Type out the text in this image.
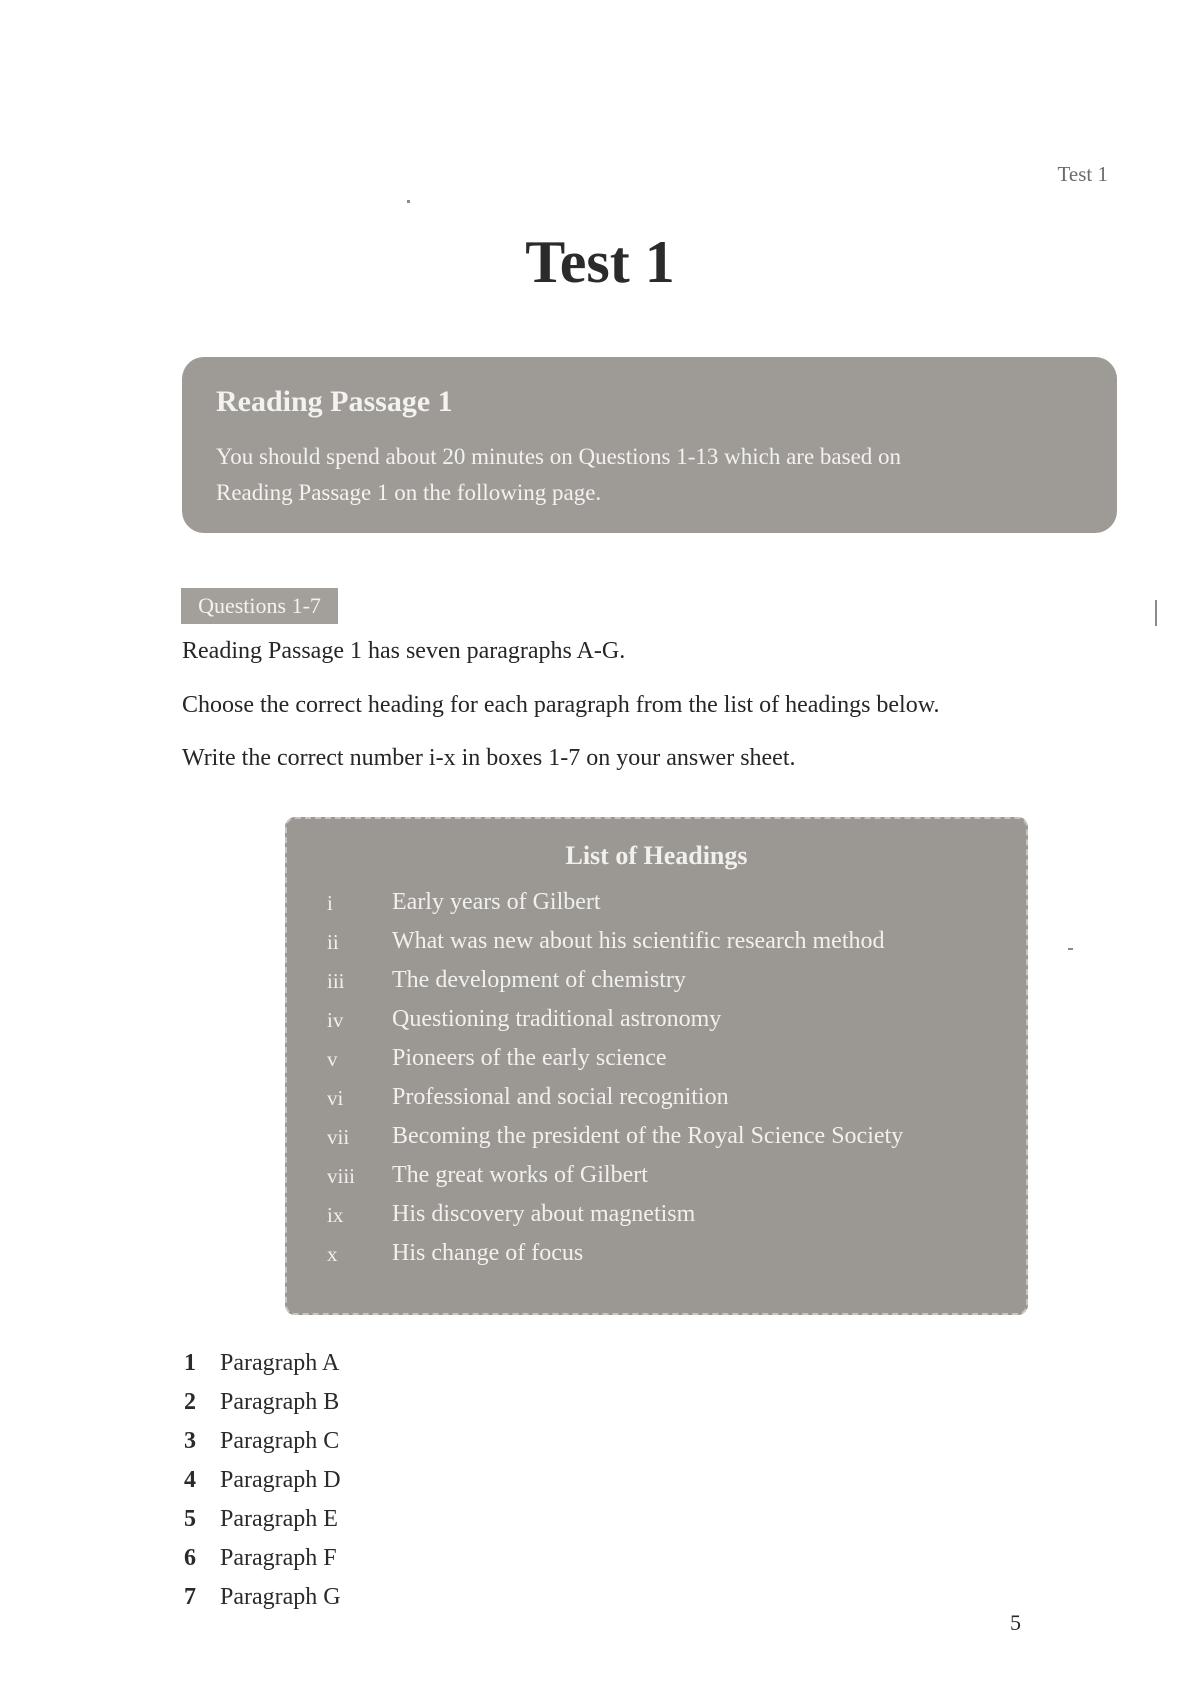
Test 1
Test 1
Reading Passage 1
You should spend about 20 minutes on Questions 1-13 which are based on
Reading Passage 1 on the following page.
Questions 1-7
Reading Passage 1 has seven paragraphs A-G.
Choose the correct heading for each paragraph from the list of headings below.
Write the correct number i-x in boxes 1-7 on your answer sheet.
List of Headings
i	Early years of Gilbert
ii	What was new about his scientific research method
iii	The development of chemistry
iv	Questioning traditional astronomy
v	Pioneers of the early science
vi	Professional and social recognition
vii	Becoming the president of the Royal Science Society
viii	The great works of Gilbert
ix	His discovery about magnetism
x	His change of focus
1 Paragraph A
2 Paragraph B
3 Paragraph C
4 Paragraph D
5 Paragraph E
6 Paragraph F
7 Paragraph G
5
